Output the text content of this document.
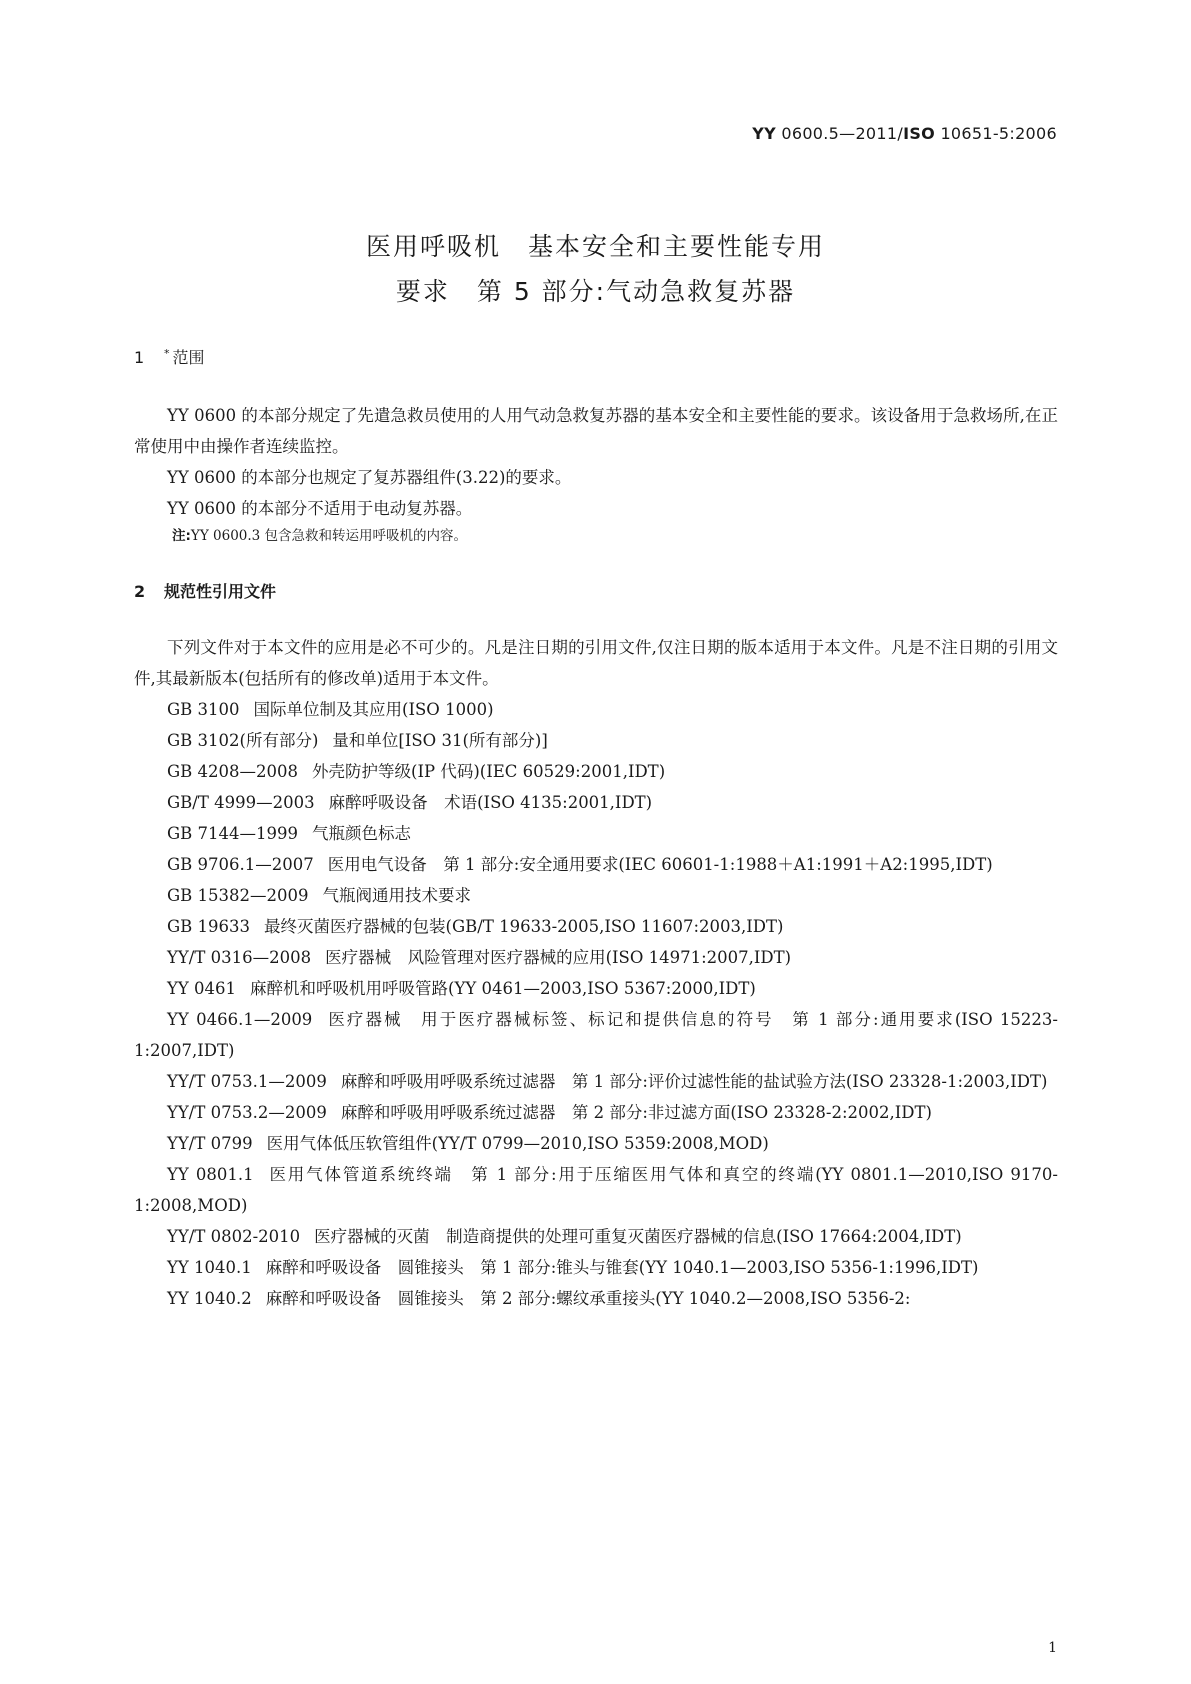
YY 0600.5—2011/ISO 10651-5:2006
医用呼吸机　基本安全和主要性能专用
要求　第 5 部分:气动急救复苏器
1 * 范围

YY 0600 的本部分规定了先遣急救员使用的人用气动急救复苏器的基本安全和主要性能的要求。该设备用于急救场所,在正常使用中由操作者连续监控。

YY 0600 的本部分也规定了复苏器组件(3.22)的要求。

YY 0600 的本部分不适用于电动复苏器。

注:YY 0600.3 包含急救和转运用呼吸机的内容。
2 规范性引用文件

下列文件对于本文件的应用是必不可少的。凡是注日期的引用文件,仅注日期的版本适用于本文件。凡是不注日期的引用文件,其最新版本(包括所有的修改单)适用于本文件。

GB 3100 国际单位制及其应用(ISO 1000)
GB 3102(所有部分) 量和单位[ISO 31(所有部分)]
GB 4208—2008 外壳防护等级(IP 代码)(IEC 60529:2001,IDT)
GB/T 4999—2003 麻醉呼吸设备　术语(ISO 4135:2001,IDT)
GB 7144—1999 气瓶颜色标志
GB 9706.1—2007 医用电气设备　第 1 部分:安全通用要求(IEC 60601-1:1988＋A1:1991＋A2:1995,IDT)
GB 15382—2009 气瓶阀通用技术要求
GB 19633 最终灭菌医疗器械的包装(GB/T 19633-2005,ISO 11607:2003,IDT)
YY/T 0316—2008 医疗器械　风险管理对医疗器械的应用(ISO 14971:2007,IDT)
YY 0461 麻醉机和呼吸机用呼吸管路(YY 0461—2003,ISO 5367:2000,IDT)
YY 0466.1—2009 医疗器械　用于医疗器械标签、标记和提供信息的符号　第 1 部分:通用要求(ISO 15223-1:2007,IDT)
YY/T 0753.1—2009 麻醉和呼吸用呼吸系统过滤器　第 1 部分:评价过滤性能的盐试验方法(ISO 23328-1:2003,IDT)
YY/T 0753.2—2009 麻醉和呼吸用呼吸系统过滤器　第 2 部分:非过滤方面(ISO 23328-2:2002,IDT)
YY/T 0799 医用气体低压软管组件(YY/T 0799—2010,ISO 5359:2008,MOD)
YY 0801.1 医用气体管道系统终端　第 1 部分:用于压缩医用气体和真空的终端(YY 0801.1—2010,ISO 9170-1:2008,MOD)
YY/T 0802-2010 医疗器械的灭菌　制造商提供的处理可重复灭菌医疗器械的信息(ISO 17664:2004,IDT)
YY 1040.1 麻醉和呼吸设备　圆锥接头　第 1 部分:锥头与锥套(YY 1040.1—2003,ISO 5356-1:1996,IDT)
YY 1040.2 麻醉和呼吸设备　圆锥接头　第 2 部分:螺纹承重接头(YY 1040.2—2008,ISO 5356-2:
1
